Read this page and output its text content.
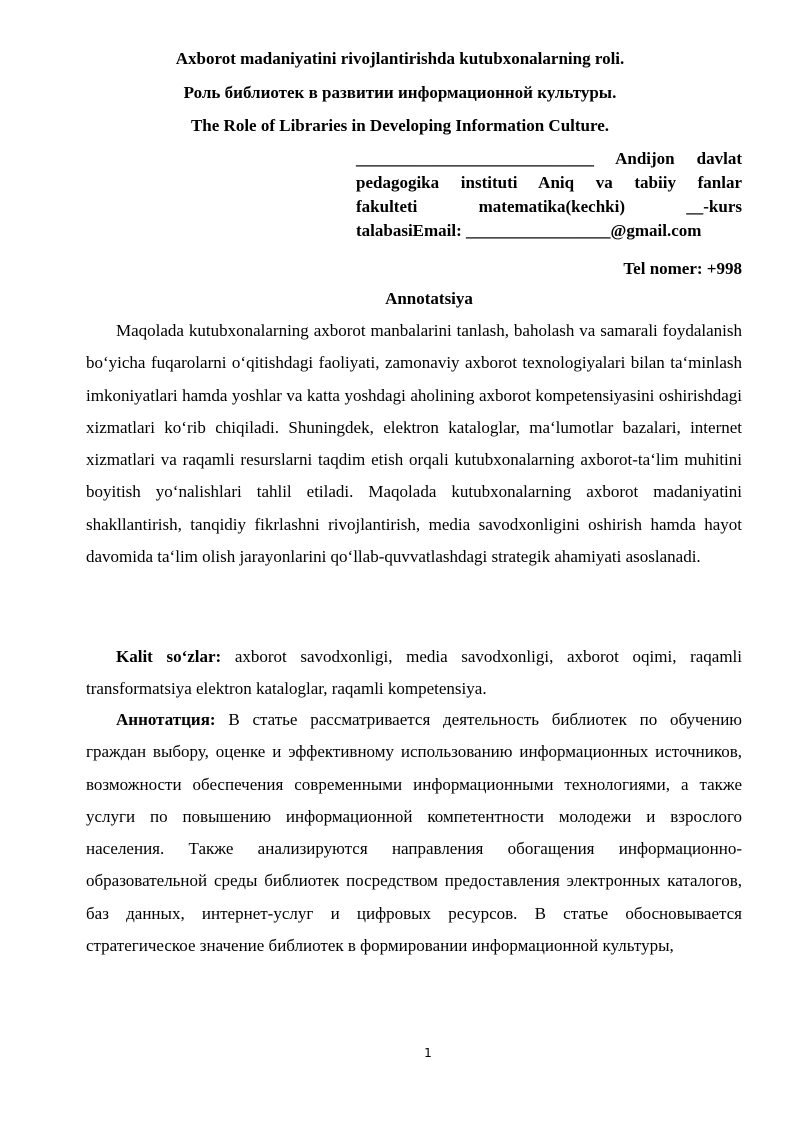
Axborot madaniyatini rivojlantirishda kutubxonalarning roli.
Роль библиотек в развитии информационной культуры.
The Role of Libraries in Developing Information Culture.
____________________________ Andijon davlat
pedagogika instituti Aniq va tabiiy fanlar
fakulteti matematika(kechki) __-kurs
talabasiEmail: _________________@gmail.com
Tel nomer: +998
Annotatsiya
Maqolada kutubxonalarning axborot manbalarini tanlash, baholash va samarali foydalanish boʻyicha fuqarolarni oʻqitishdagi faoliyati, zamonaviy axborot texnologiyalari bilan taʻminlash imkoniyatlari hamda yoshlar va katta yoshdagi aholining axborot kompetensiyasini oshirishdagi xizmatlari koʻrib chiqiladi. Shuningdek, elektron kataloglar, maʻlumotlar bazalari, internet xizmatlari va raqamli resurslarni taqdim etish orqali kutubxonalarning axborot-taʻlim muhitini boyitish yoʻnalishlari tahlil etiladi. Maqolada kutubxonalarning axborot madaniyatini shakllantirish, tanqidiy fikrlashni rivojlantirish, media savodxonligini oshirish hamda hayot davomida taʻlim olish jarayonlarini qoʻllab-quvvatlashdagi strategik ahamiyati asoslanadi.
Kalit soʻzlar: axborot savodxonligi, media savodxonligi, axborot oqimi, raqamli transformatsiya elektron kataloglar, raqamli kompetensiya.
Аннотатция: В статье рассматривается деятельность библиотек по обучению граждан выбору, оценке и эффективному использованию информационных источников, возможности обеспечения современными информационными технологиями, а также услуги по повышению информационной компетентности молодежи и взрослого населения. Также анализируются направления обогащения информационно-образовательной среды библиотек посредством предоставления электронных каталогов, баз данных, интернет-услуг и цифровых ресурсов. В статье обосновывается стратегическое значение библиотек в формировании информационной культуры,
1
